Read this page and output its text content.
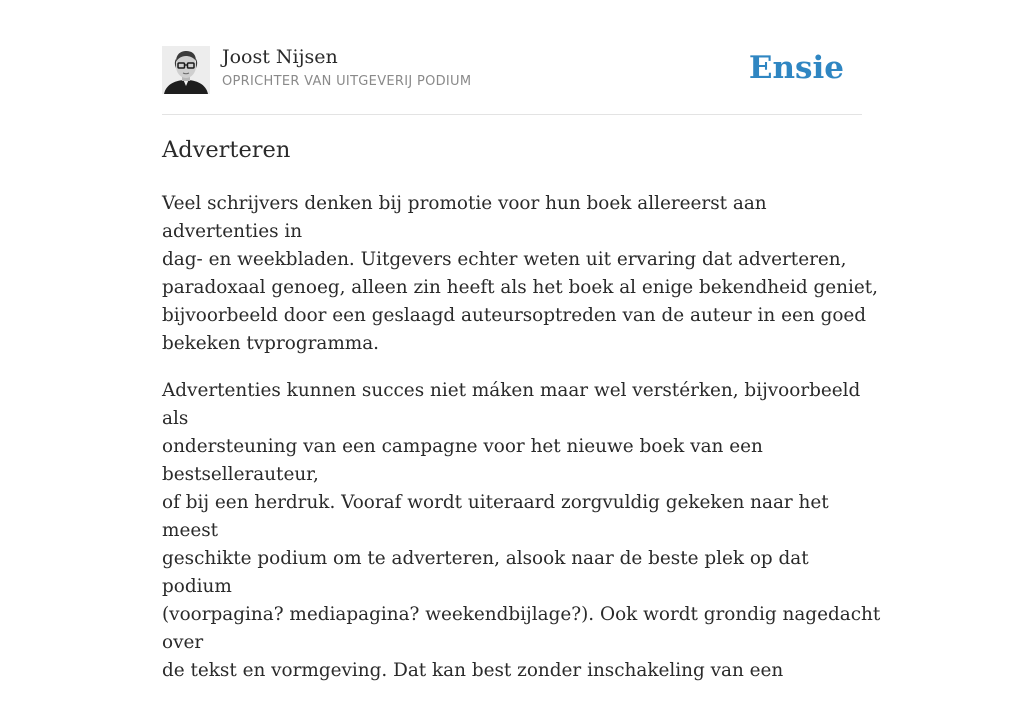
Joost Nijsen
OPRICHTER VAN UITGEVERIJ PODIUM	Ensie
Adverteren

Veel schrijvers denken bij promotie voor hun boek allereerst aan advertenties in
dag- en weekbladen. Uitgevers echter weten uit ervaring dat adverteren,
paradoxaal genoeg, alleen zin heeft als het boek al enige bekendheid geniet,
bijvoorbeeld door een geslaagd auteursoptreden van de auteur in een goed
bekeken tvprogramma.

Advertenties kunnen succes niet máken maar wel verstérken, bijvoorbeeld als
ondersteuning van een campagne voor het nieuwe boek van een bestsellerauteur,
of bij een herdruk. Vooraf wordt uiteraard zorgvuldig gekeken naar het meest
geschikte podium om te adverteren, alsook naar de beste plek op dat podium
(voorpagina? mediapagina? weekendbijlage?). Ook wordt grondig nagedacht over
de tekst en vormgeving. Dat kan best zonder inschakeling van een
